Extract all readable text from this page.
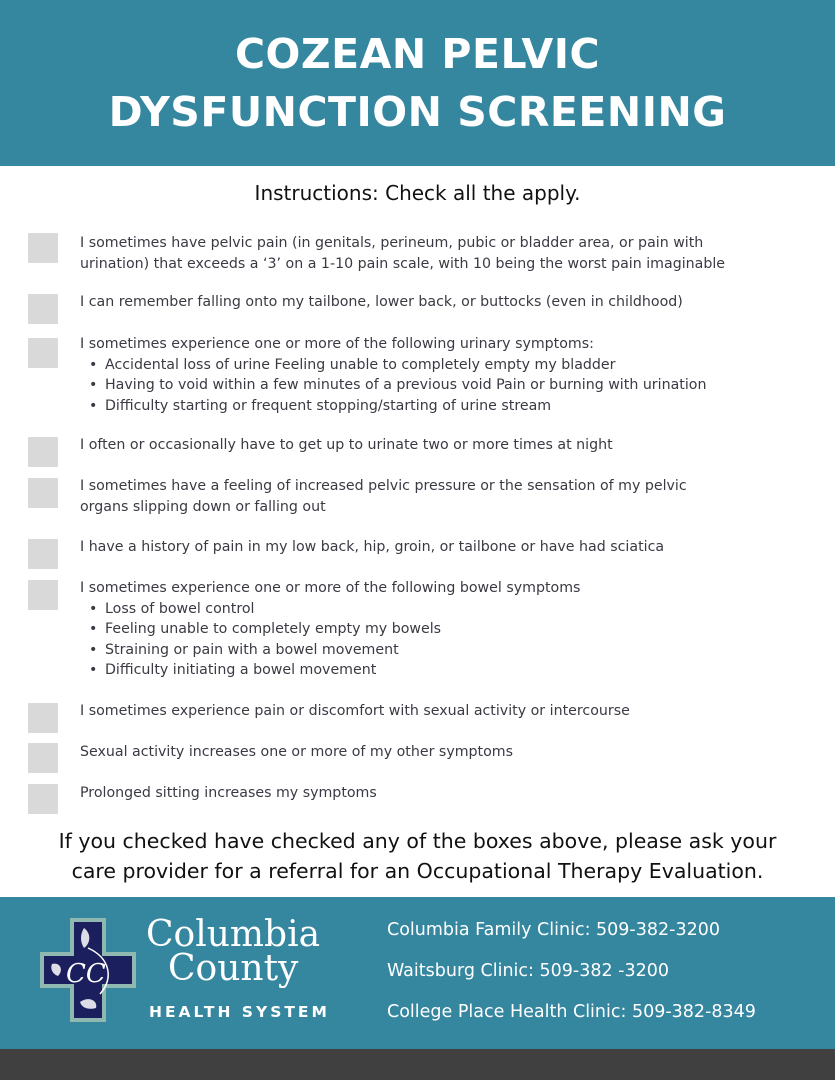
COZEAN PELVIC DYSFUNCTION SCREENING
Instructions: Check all the apply.
I sometimes have pelvic pain (in genitals, perineum, pubic or bladder area, or pain with urination) that exceeds a ‘3’ on a 1-10 pain scale, with 10 being the worst pain imaginable
I can remember falling onto my tailbone, lower back, or buttocks (even in childhood)
I sometimes experience one or more of the following urinary symptoms:
• Accidental loss of urine Feeling unable to completely empty my bladder
• Having to void within a few minutes of a previous void Pain or burning with urination
• Difficulty starting or frequent stopping/starting of urine stream
I often or occasionally have to get up to urinate two or more times at night
I sometimes have a feeling of increased pelvic pressure or the sensation of my pelvic organs slipping down or falling out
I have a history of pain in my low back, hip, groin, or tailbone or have had sciatica
I sometimes experience one or more of the following bowel symptoms
• Loss of bowel control
• Feeling unable to completely empty my bowels
• Straining or pain with a bowel movement
• Difficulty initiating a bowel movement
I sometimes experience pain or discomfort with sexual activity or intercourse
Sexual activity increases one or more of my other symptoms
Prolonged sitting increases my symptoms
If you checked have checked any of the boxes above, please ask your
care provider for a referral for an Occupational Therapy Evaluation.
CC
Columbia
County
HEALTH SYSTEM
Columbia Family Clinic: 509-382-3200
Waitsburg Clinic: 509-382 -3200
College Place Health Clinic: 509-382-8349
